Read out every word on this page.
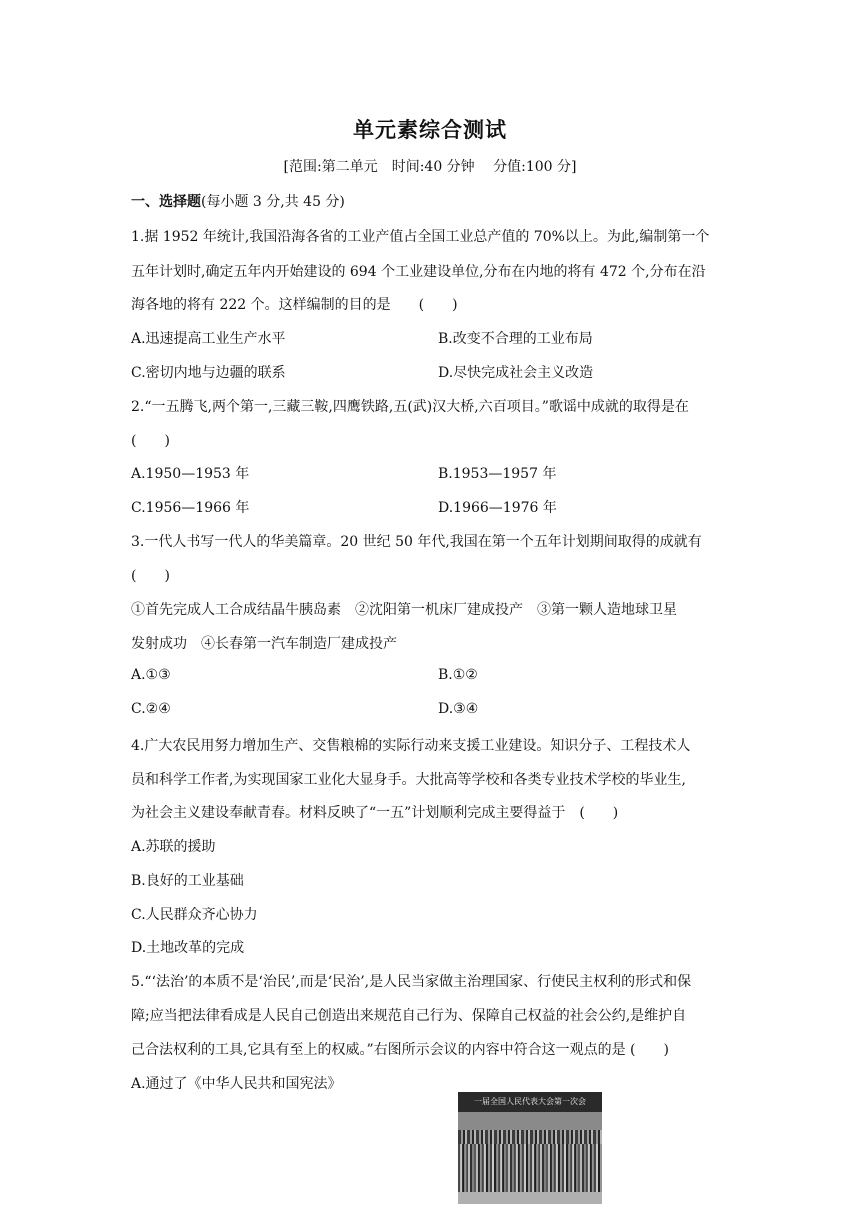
单元素综合测试
[范围:第二单元　时间:40 分钟　 分值:100 分]
一、选择题(每小题 3 分,共 45 分)
1.据 1952 年统计,我国沿海各省的工业产值占全国工业总产值的 70%以上。为此,编制第一个
五年计划时,确定五年内开始建设的 694 个工业建设单位,分布在内地的将有 472 个,分布在沿
海各地的将有 222 个。这样编制的目的是　　(　　)
A.迅速提高工业生产水平	B.改变不合理的工业布局
C.密切内地与边疆的联系	D.尽快完成社会主义改造
2.“一五腾飞,两个第一,三藏三鞍,四鹰铁路,五(武)汉大桥,六百项目。”歌谣中成就的取得是在
(　　)
A.1950—1953 年	B.1953—1957 年
C.1956—1966 年	D.1966—1976 年
3.一代人书写一代人的华美篇章。20 世纪 50 年代,我国在第一个五年计划期间取得的成就有
(　　)
①首先完成人工合成结晶牛胰岛素　②沈阳第一机床厂建成投产　③第一颗人造地球卫星
发射成功　④长春第一汽车制造厂建成投产
A.①③	B.①②
C.②④	D.③④
4.广大农民用努力增加生产、交售粮棉的实际行动来支援工业建设。知识分子、工程技术人
员和科学工作者,为实现国家工业化大显身手。大批高等学校和各类专业技术学校的毕业生,
为社会主义建设奉献青春。材料反映了“一五”计划顺利完成主要得益于　(　　)
A.苏联的援助
B.良好的工业基础
C.人民群众齐心协力
D.土地改革的完成
5.“‘法治’的本质不是‘治民’,而是‘民治’,是人民当家做主治理国家、行使民主权利的形式和保
障;应当把法律看成是人民自己创造出来规范自己行为、保障自己权益的社会公约,是维护自
己合法权利的工具,它具有至上的权威。”右图所示会议的内容中符合这一观点的是 (　　)
A.通过了《中华人民共和国宪法》
一届全国人民代表大会第一次会
